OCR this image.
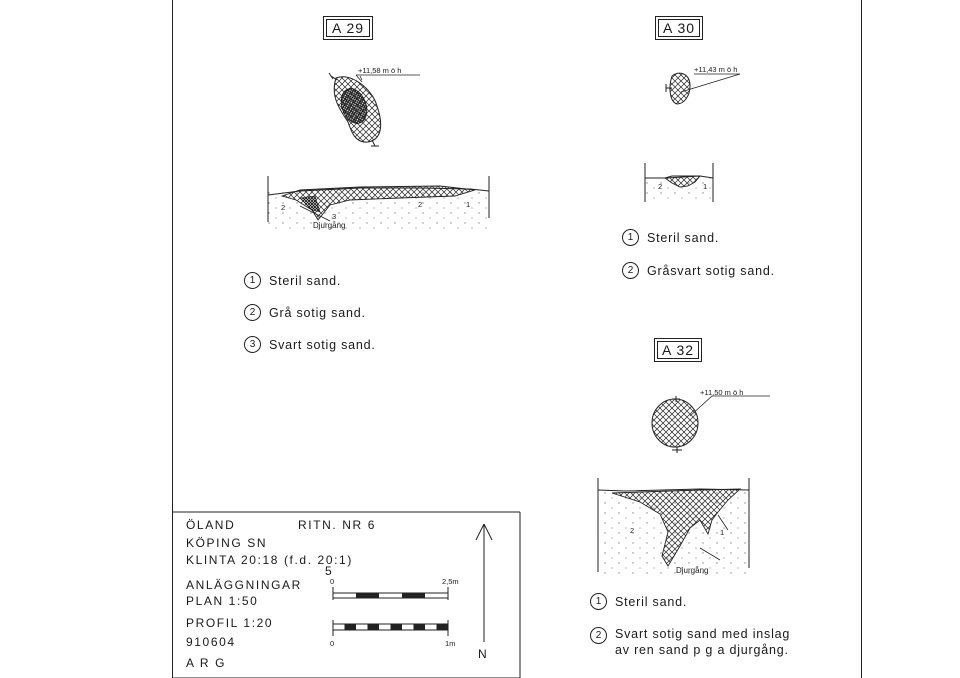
A 29
+11,58 m ö h
2
3
2	1
Djurgång
1	Steril sand.
2	Grå sotig sand.
3	Svart sotig sand.
A 30
+11,43 m ö h
2	1
1	Steril sand.
2	Gråsvart sotig sand.
A 32
+11,50 m ö h
2	1
Djurgång
1	Steril sand.
2	Svart sotig sand med inslag
av ren sand p g a djurgång.
ÖLAND	RITN. NR 6
KÖPING SN
KLINTA 20:18 (f.d. 20:1)
5
ANLÄGGNINGAR
PLAN 1:50
PROFIL 1:20
910604
A R G
N
0	2,5m
0	1m
